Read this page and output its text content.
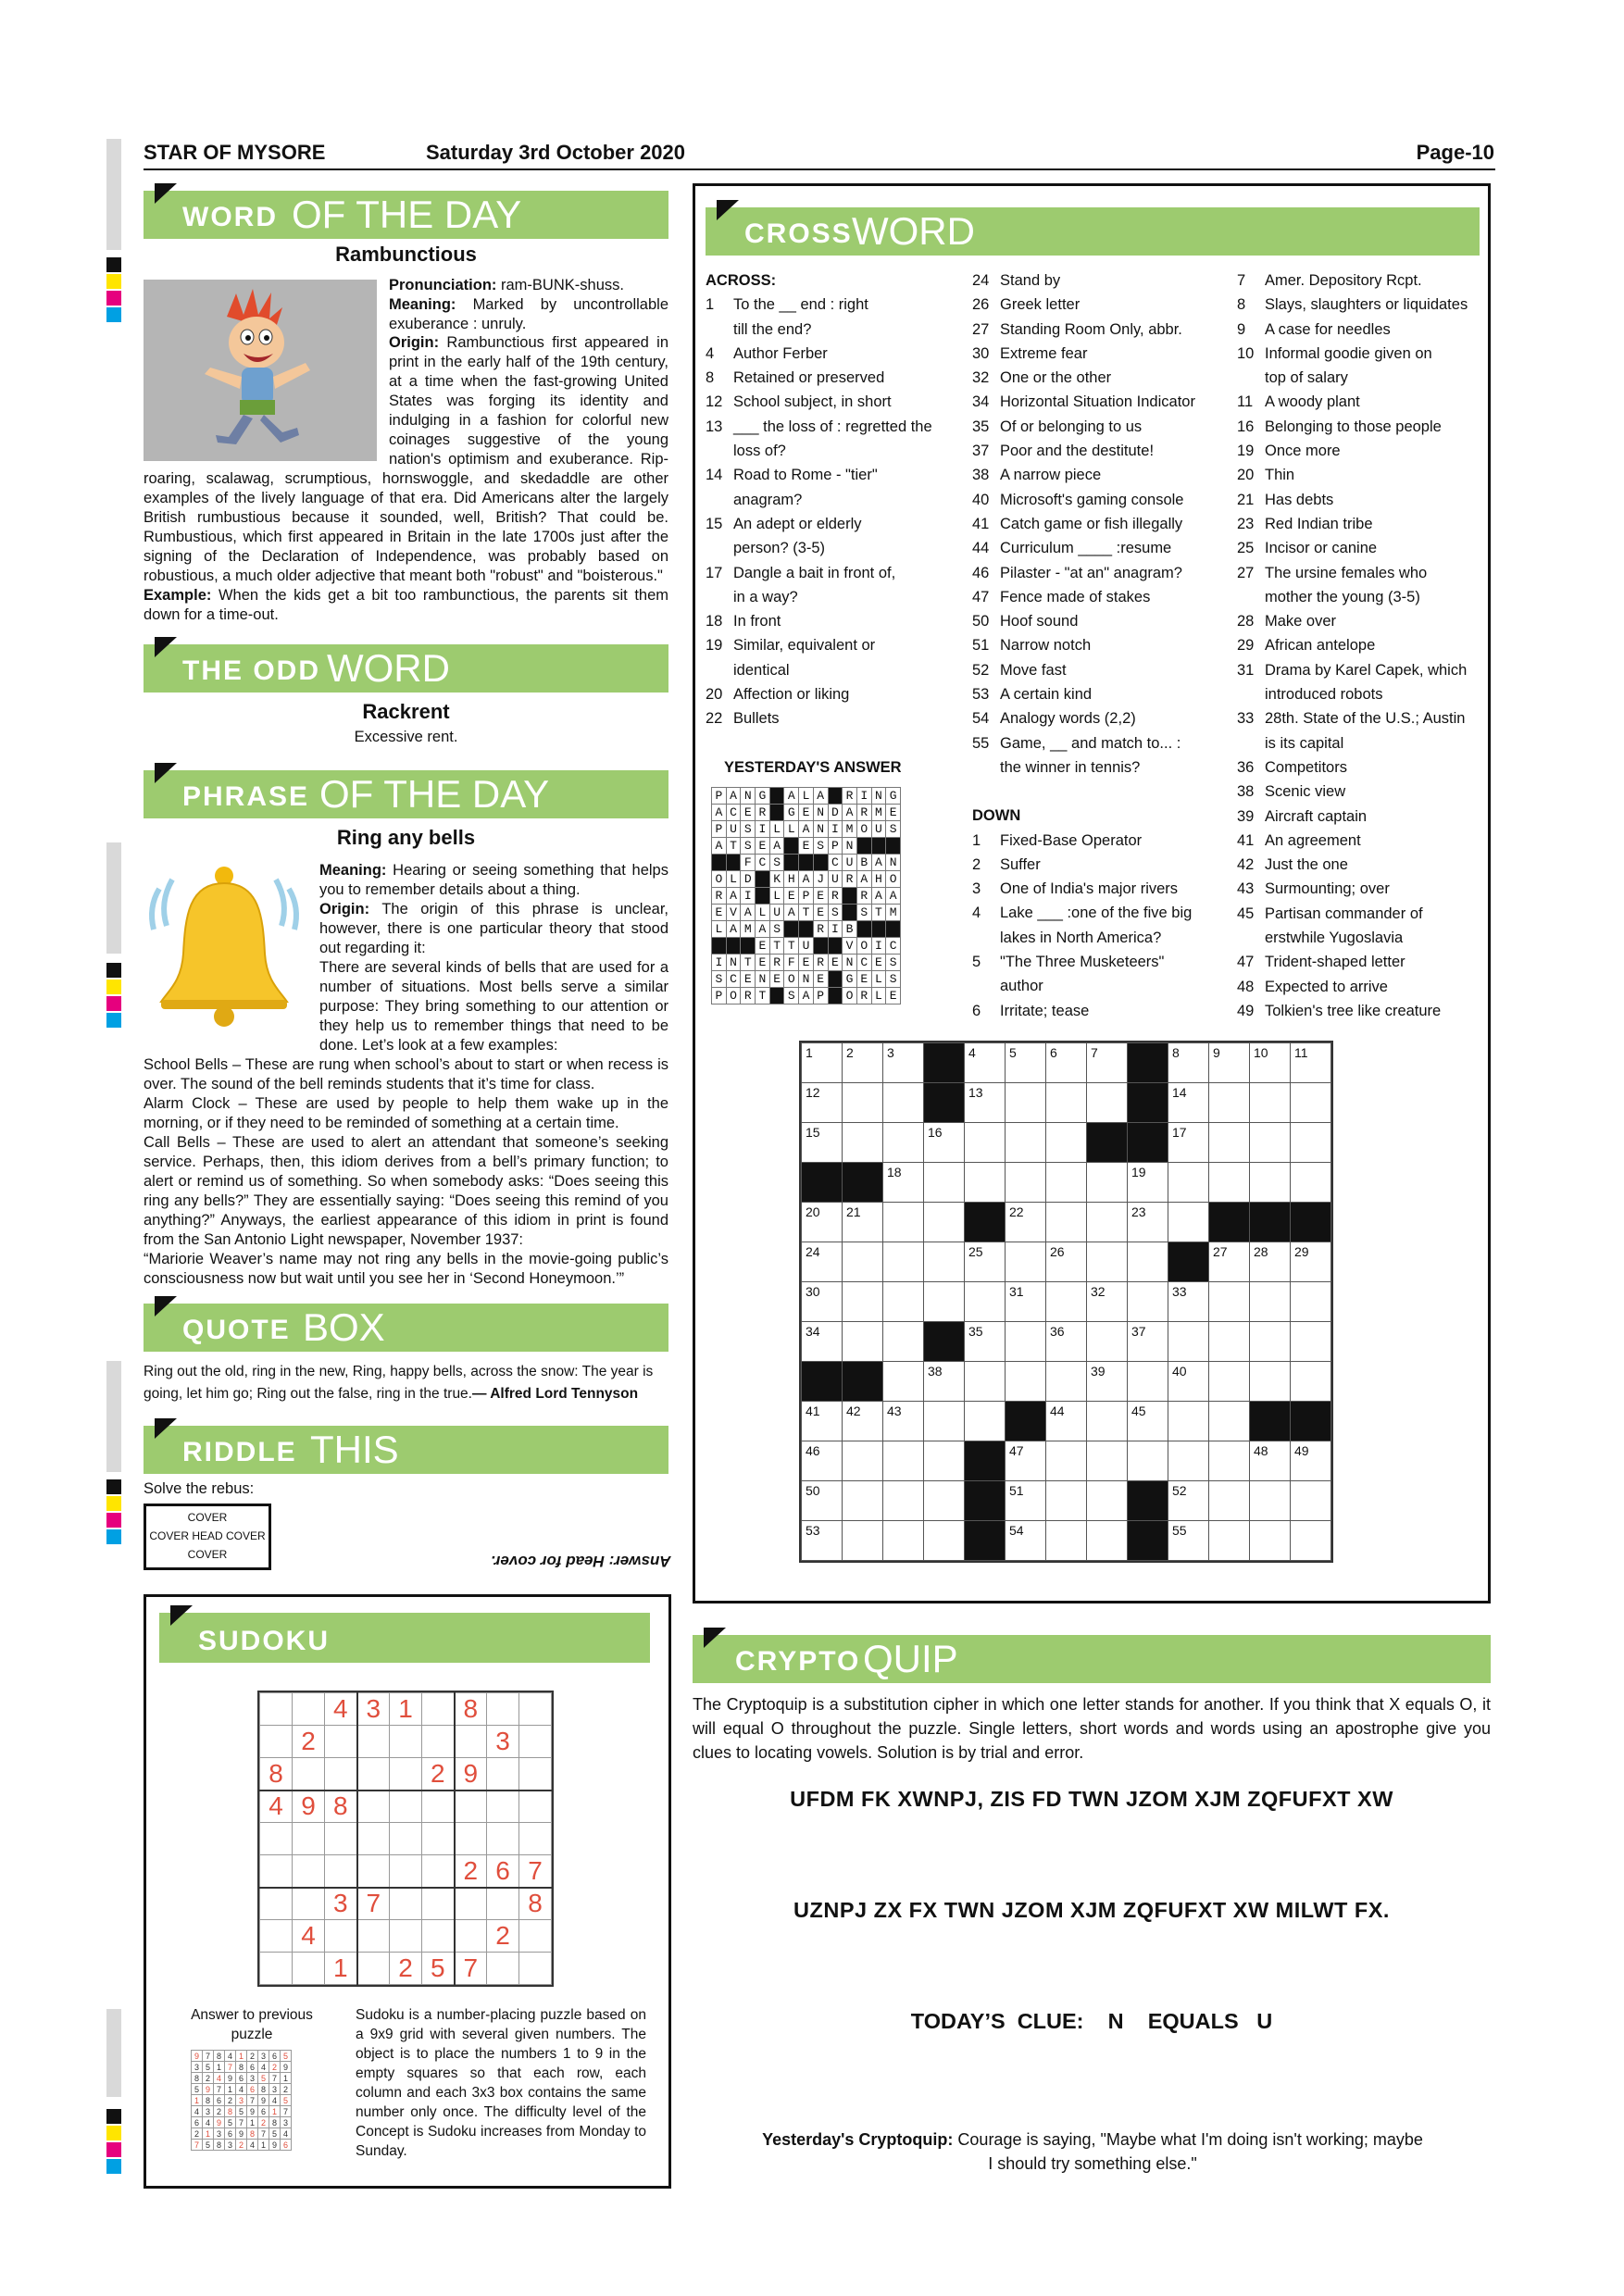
STAR OF MYSORE	Saturday 3rd October 2020	Page-10
WORD OF THE DAY
Rambunctious
Pronunciation: ram-BUNK-shuss.
Meaning: Marked by uncontrollable exuberance : unruly.
Origin: Rambunctious first appeared in print in the early half of the 19th century, at a time when the fast-growing United States was forging its identity and indulging in a fashion for colorful new coinages suggestive of the young nation's optimism and exuberance. Rip-roaring, scalawag, scrumptious, hornswoggle, and skedaddle are other examples of the lively language of that era. Did Americans alter the largely British rumbustious because it sounded, well, British? That could be. Rumbustious, which first appeared in Britain in the late 1700s just after the signing of the Declaration of Independence, was probably based on robustious, a much older adjective that meant both "robust" and "boisterous."
Example: When the kids get a bit too rambunctious, the parents sit them down for a time-out.
THE ODD WORD
Rackrent
Excessive rent.
PHRASE OF THE DAY
Ring any bells
Meaning: Hearing or seeing something that helps you to remember details about a thing.
Origin: The origin of this phrase is unclear, however, there is one particular theory that stood out regarding it:
There are several kinds of bells that are used for a number of situations. Most bells serve a similar purpose: They bring something to our attention or they help us to remember things that need to be done. Let’s look at a few examples:
School Bells – These are rung when school’s about to start or when recess is over. The sound of the bell reminds students that it’s time for class.
Alarm Clock – These are used by people to help them wake up in the morning, or if they need to be reminded of something at a certain time.
Call Bells – These are used to alert an attendant that someone’s seeking service. Perhaps, then, this idiom derives from a bell’s primary function; to alert or remind us of something. So when somebody asks: “Does seeing this ring any bells?” They are essentially saying: “Does seeing this remind of you anything?” Anyways, the earliest appearance of this idiom in print is found from the San Antonio Light newspaper, November 1937:
“Mariorie Weaver’s name may not ring any bells in the movie-going public’s consciousness now but wait until you see her in ‘Second Honeymoon.’”
QUOTE BOX
Ring out the old, ring in the new, Ring, happy bells, across the snow: The year is going, let him go; Ring out the false, ring in the true.— Alfred Lord Tennyson
RIDDLE THIS
Solve the rebus:
COVER
COVER HEAD COVER
COVER	Answer: Head for cover.
SUDOKU
		4	3	1		8		
	2						3	
8					2	9		
4	9	8						

						2	6	7
		3	7					8
	4						2	
		1		2	5	7		
Answer to previous puzzle
9	7	8	4	1	2	3	6	5
3	5	1	7	8	6	4	2	9
8	2	4	9	6	3	5	7	1
5	9	7	1	4	6	8	3	2
1	8	6	2	3	7	9	4	5
4	3	2	8	5	9	6	1	7
6	4	9	5	7	1	2	8	3
2	1	3	6	9	8	7	5	4
7	5	8	3	2	4	1	9	6
Sudoku is a number-placing puzzle based on a 9x9 grid with several given numbers. The object is to place the numbers 1 to 9 in the empty squares so that each row, each column and each 3x3 box contains the same number only once. The difficulty level of the Concept is Sudoku increases from Monday to Sunday.
CROSS WORD
ACROSS:
1 To the __ end : right
till the end?
4 Author Ferber
8 Retained or preserved
12 School subject, in short
13 ___ the loss of : regretted the
loss of?
14 Road to Rome - "tier"
anagram?
15 An adept or elderly
person? (3-5)
17 Dangle a bait in front of,
in a way?
18 In front
19 Similar, equivalent or
identical
20 Affection or liking
22 Bullets
24 Stand by
26 Greek letter
27 Standing Room Only, abbr.
30 Extreme fear
32 One or the other
34 Horizontal Situation Indicator
35 Of or belonging to us
37 Poor and the destitute!
38 A narrow piece
40 Microsoft's gaming console
41 Catch game or fish illegally
44 Curriculum ____ :resume
46 Pilaster - "at an" anagram?
47 Fence made of stakes
50 Hoof sound
51 Narrow notch
52 Move fast
53 A certain kind
54 Analogy words (2,2)
55 Game, __ and match to... :
the winner in tennis?
DOWN
1 Fixed-Base Operator
2 Suffer
3 One of India's major rivers
4 Lake ___ :one of the five big
lakes in North America?
5 "The Three Musketeers"
author
6 Irritate; tease
7 Amer. Depository Rcpt.
8 Slays, slaughters or liquidates
9 A case for needles
10 Informal goodie given on
top of salary
11 A woody plant
16 Belonging to those people
19 Once more
20 Thin
21 Has debts
23 Red Indian tribe
25 Incisor or canine
27 The ursine females who
mother the young (3-5)
28 Make over
29 African antelope
31 Drama by Karel Capek, which
introduced robots
33 28th. State of the U.S.; Austin
is its capital
36 Competitors
38 Scenic view
39 Aircraft captain
41 An agreement
42 Just the one
43 Surmounting; over
45 Partisan commander of
erstwhile Yugoslavia
47 Trident-shaped letter
48 Expected to arrive
49 Tolkien's tree like creature
YESTERDAY'S ANSWER
P	A	N	G		A	L	A		R	I	N	G
A	C	E	R		G	E	N	D	A	R	M	E
P	U	S	I	L	L	A	N	I	M	O	U	S
A	T	S	E	A		E	S	P	N			
		F	C	S				C	U	B	A	N
O	L	D		K	H	A	J	U	R	A	H	O
R	A	I		L	E	P	E	R		R	A	A
E	V	A	L	U	A	T	E	S		S	T	M
L	A	M	A	S			R	I	B			
			E	T	T	U			V	O	I	C
I	N	T	E	R	F	E	R	E	N	C	E	S
S	C	E	N	E	O	N	E		G	E	L	S
P	O	R	T		S	A	P		O	R	L	E
1	2	3		4	5	6	7		8	9	10	11
12				13					14			
15			16						17			
		18						19				
20	21				22			23				
24				25		26				27	28	29
30					31		32		33			
34				35		36		37				
			38				39		40			
41	42	43				44		45				
46					47						48	49
50					51				52			
53					54				55			
CRYPTO QUIP
The Cryptoquip is a substitution cipher in which one letter stands for another. If you think that X equals O, it will equal O throughout the puzzle. Single letters, short words and words using an apostrophe give you clues to locating vowels. Solution is by trial and error.
UFDM FK XWNPJ, ZIS FD TWN JZOM XJM ZQFUFXT XW
UZNPJ ZX FX TWN JZOM XJM ZQFUFXT XW MILWT FX.
TODAY’S  CLUE:    N    EQUALS   U
Yesterday's Cryptoquip: Courage is saying, "Maybe what I'm doing isn't working; maybe I should try something else."
